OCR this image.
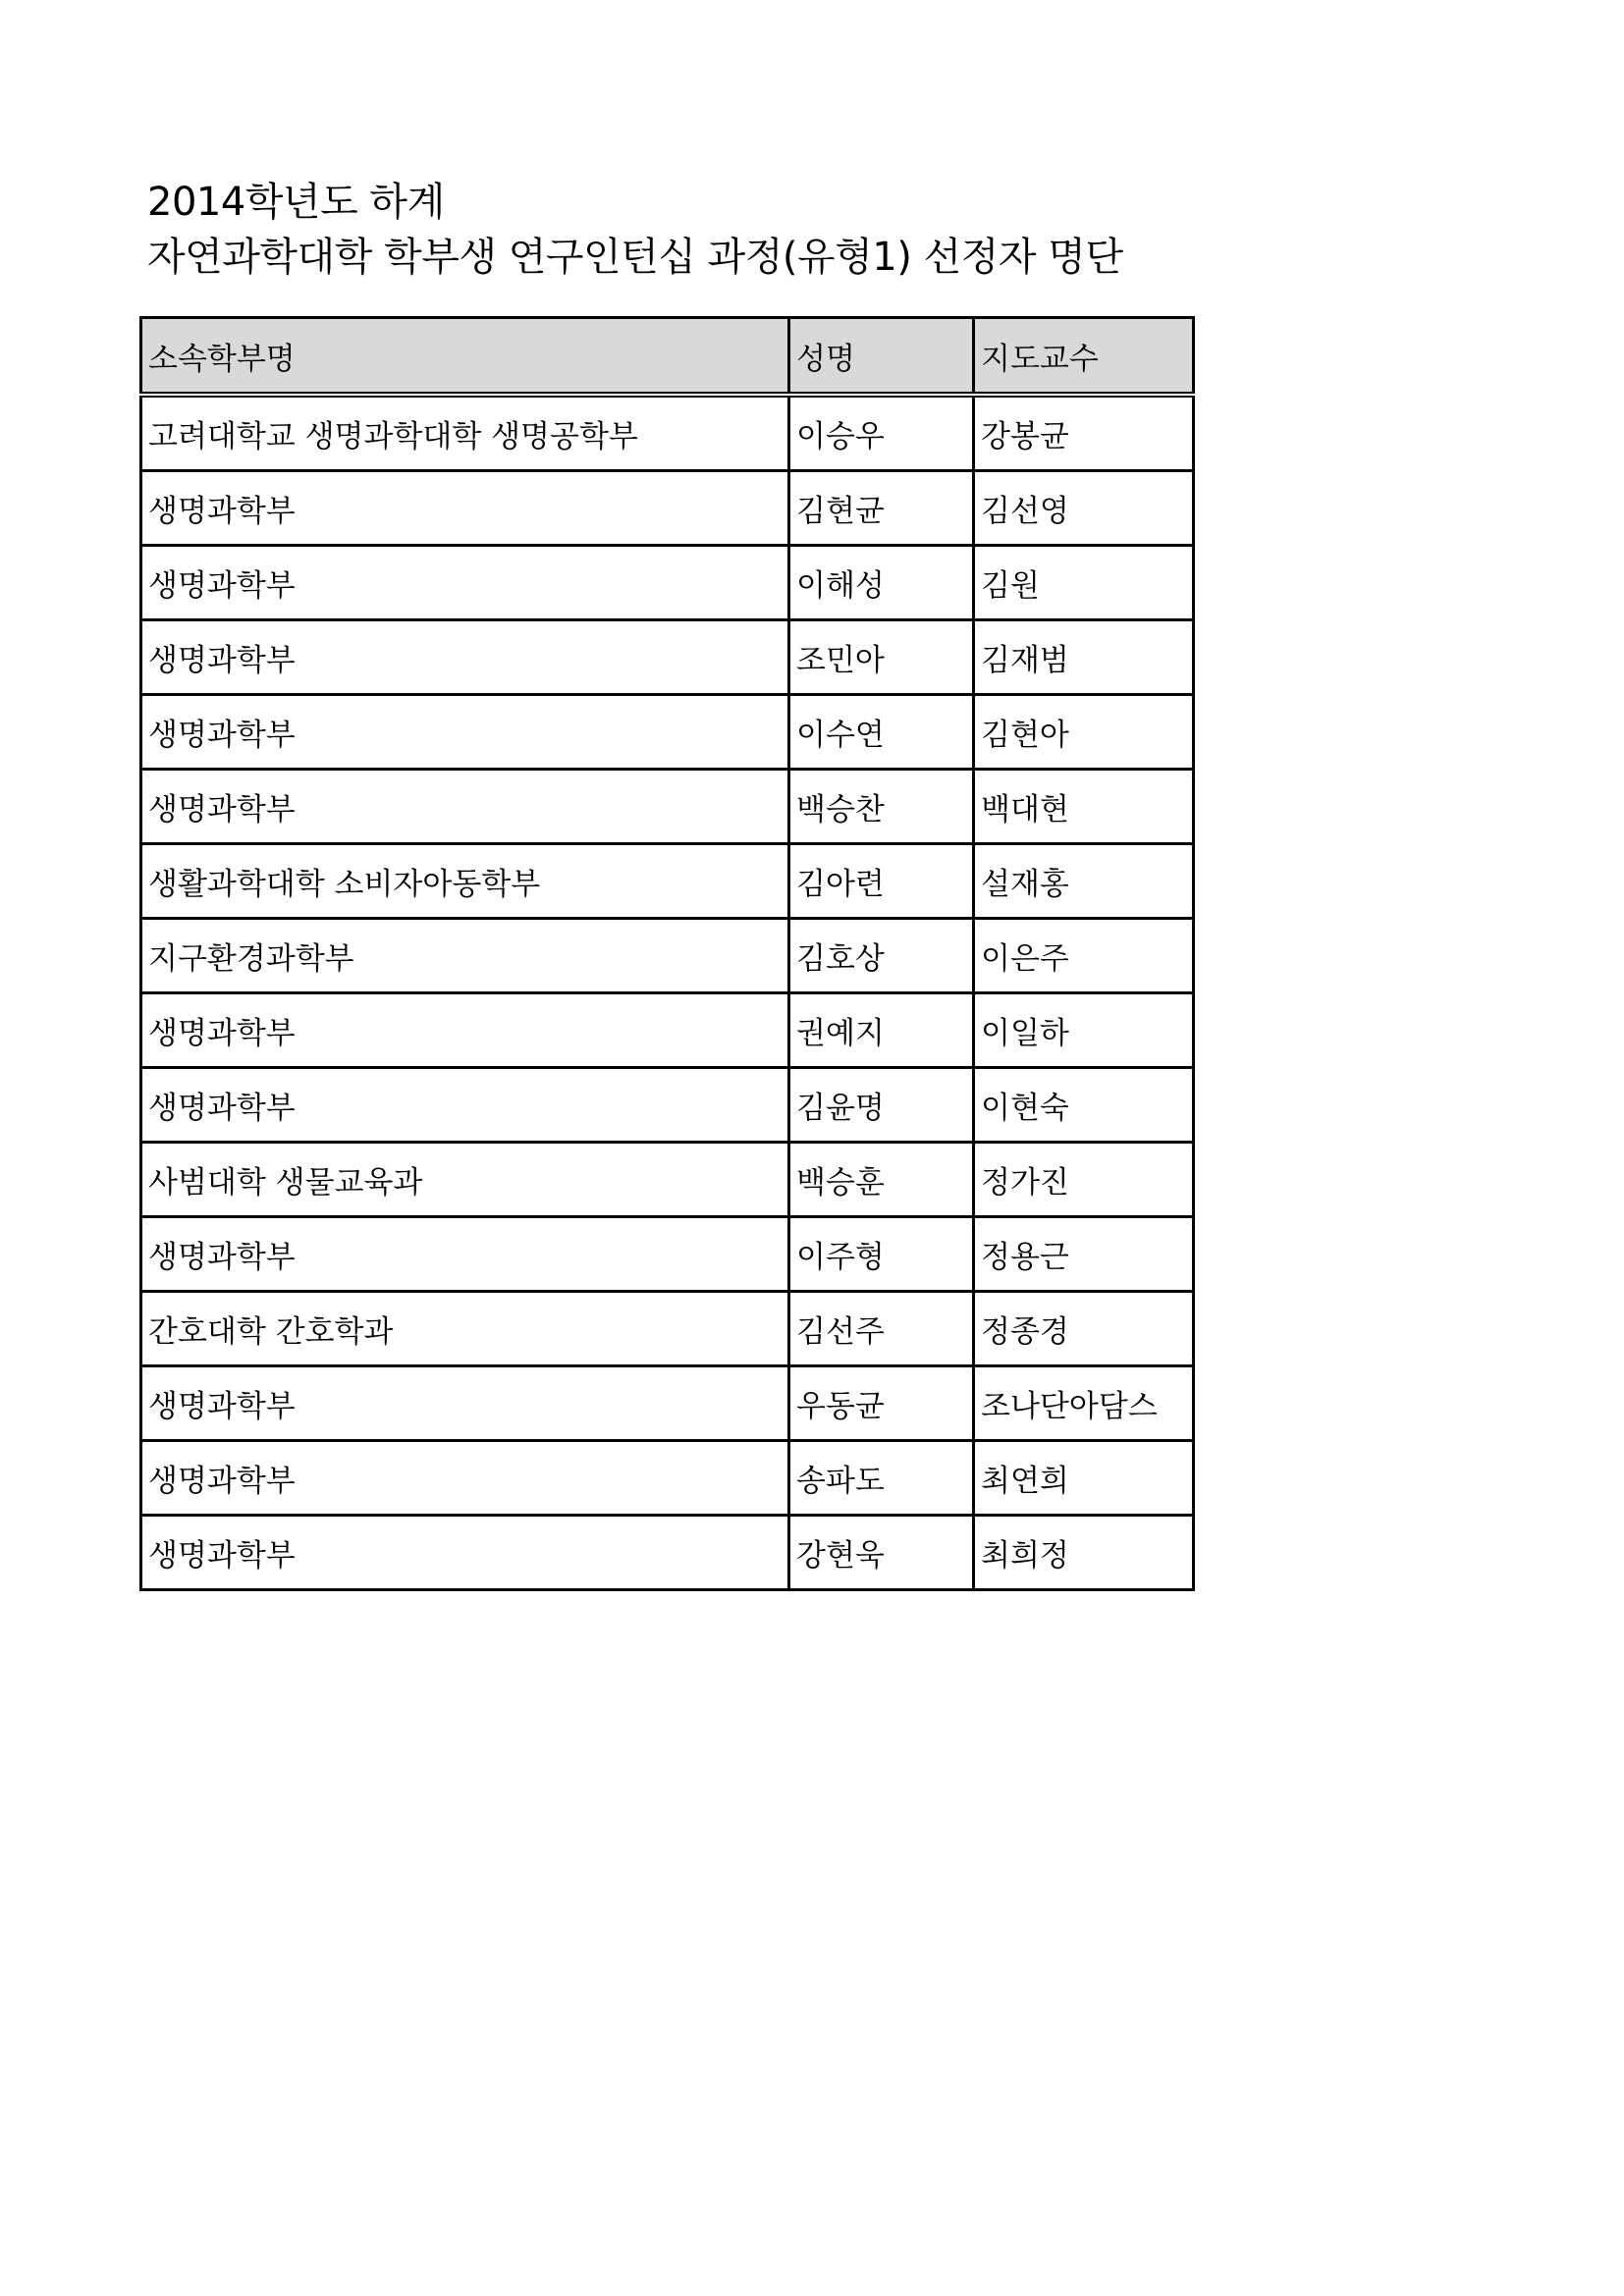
2014학년도 하계
자연과학대학 학부생 연구인턴십 과정(유형1) 선정자 명단
소속학부명	성명	지도교수
고려대학교 생명과학대학 생명공학부	이승우	강봉균
생명과학부	김현균	김선영
생명과학부	이해성	김원
생명과학부	조민아	김재범
생명과학부	이수연	김현아
생명과학부	백승찬	백대현
생활과학대학 소비자아동학부	김아련	설재홍
지구환경과학부	김호상	이은주
생명과학부	권예지	이일하
생명과학부	김윤명	이현숙
사범대학 생물교육과	백승훈	정가진
생명과학부	이주형	정용근
간호대학 간호학과	김선주	정종경
생명과학부	우동균	조나단아담스
생명과학부	송파도	최연희
생명과학부	강현욱	최희정
